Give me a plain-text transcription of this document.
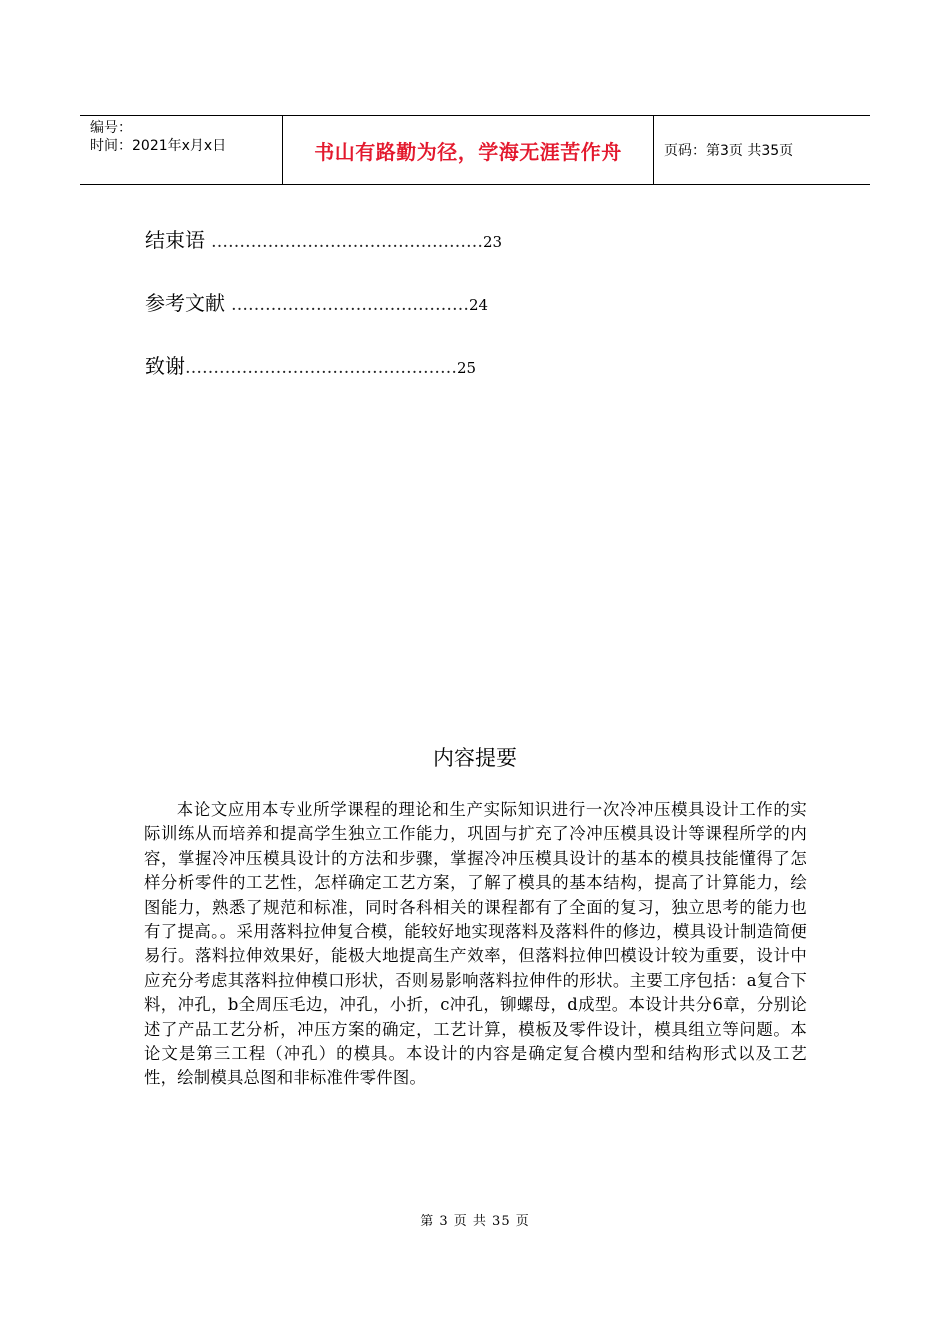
编号：
时间：2021年x月x日	书山有路勤为径，学海无涯苦作舟	页码：第3页 共35页
结束语 ………………………………………… 23
参考文献 …………………………………… 24
致谢 ………………………………………… 25
内容提要

本论文应用本专业所学课程的理论和生产实际知识进行一次冷冲压模具设计工作的实际训练从而培养和提高学生独立工作能力，巩固与扩充了冷冲压模具设计等课程所学的内容，掌握冷冲压模具设计的方法和步骤，掌握冷冲压模具设计的基本的模具技能懂得了怎样分析零件的工艺性，怎样确定工艺方案，了解了模具的基本结构，提高了计算能力，绘图能力，熟悉了规范和标准，同时各科相关的课程都有了全面的复习，独立思考的能力也有了提高。。采用落料拉伸复合模，能较好地实现落料及落料件的修边，模具设计制造简便易行。落料拉伸效果好，能极大地提高生产效率，但落料拉伸凹模设计较为重要，设计中应充分考虑其落料拉伸模口形状，否则易影响落料拉伸件的形状。主要工序包括：a复合下料，冲孔，b全周压毛边，冲孔，小折，c冲孔，铆螺母，d成型。本设计共分6章，分别论述了产品工艺分析，冲压方案的确定，工艺计算，模板及零件设计，模具组立等问题。本论文是第三工程（冲孔）的模具。本设计的内容是确定复合模内型和结构形式以及工艺性，绘制模具总图和非标准件零件图。

第 3 页 共 35 页
